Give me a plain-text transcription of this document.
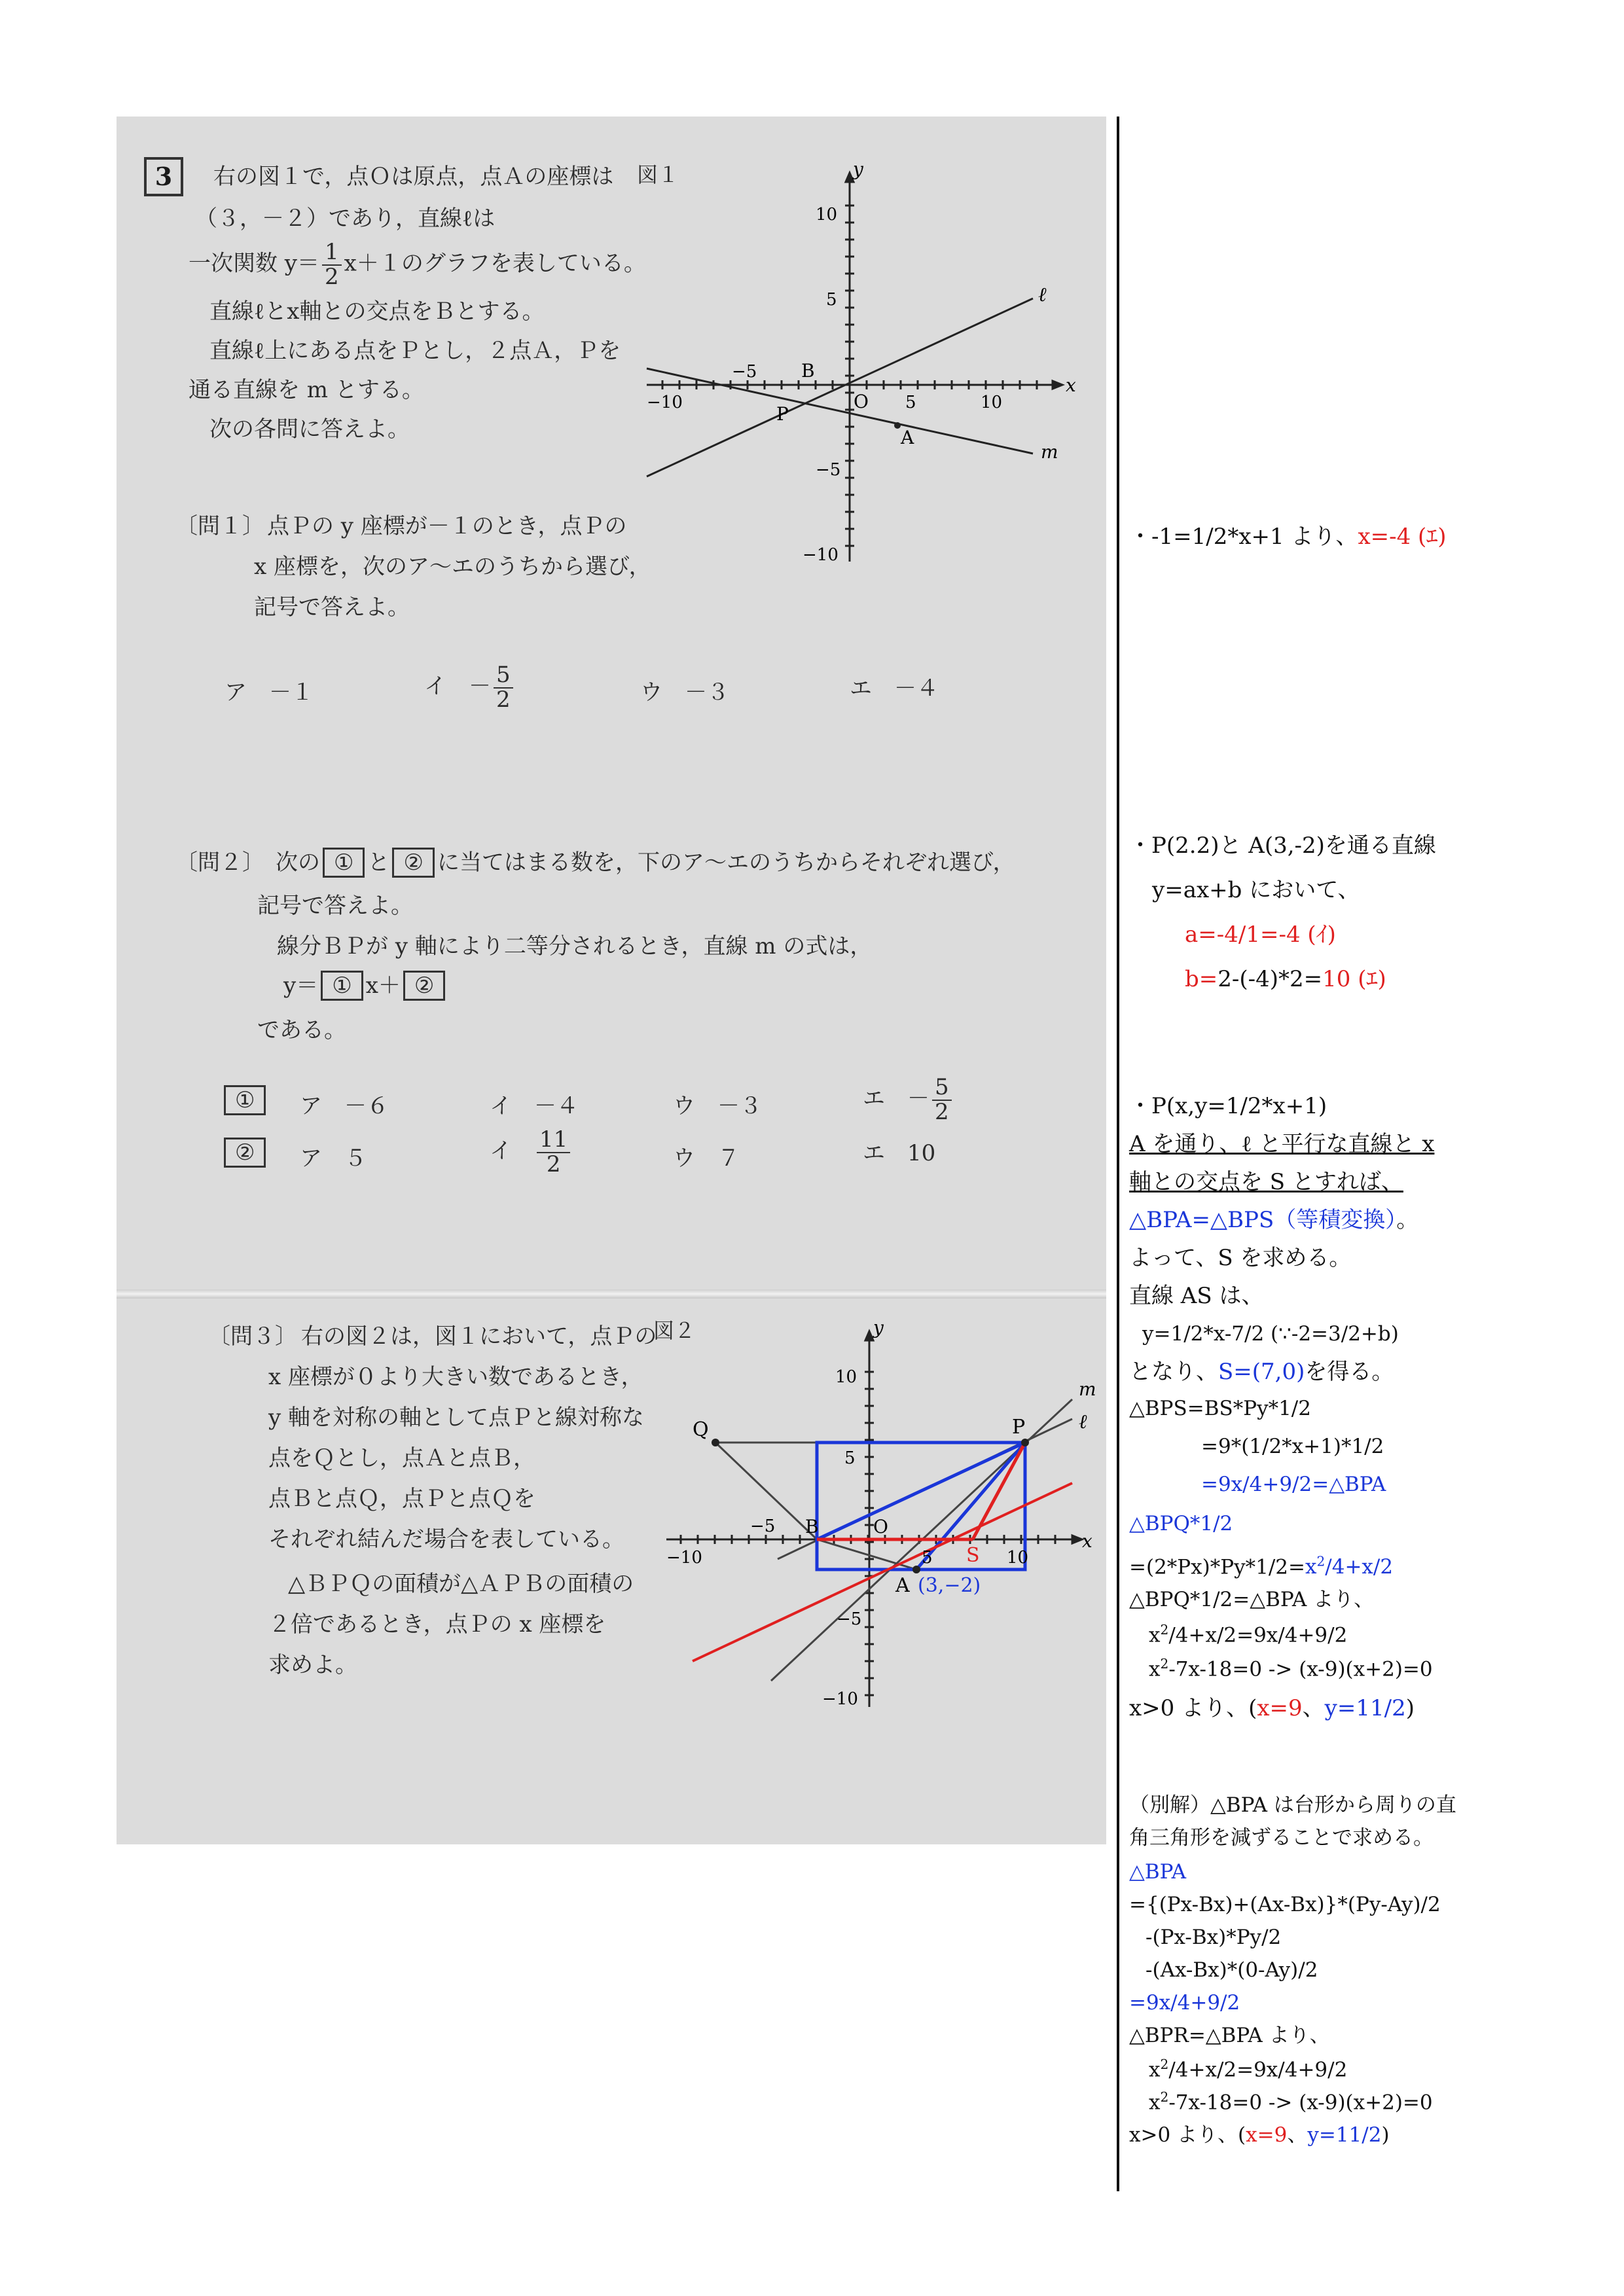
3	右の図１で，点Ｏは原点，点Ａの座標は
（３，－２）であり，直線ℓは
一次関数 $y= \frac{1}{2} x+1$のグラフを表している。
直線ℓとx軸との交点をＢとする。
直線ℓ上にある点をＰとし，２点Ａ，Ｐを
通る直線を m とする。
次の各問に答えよ。
図１	y
x
ℓ
m
O
A
B
P
−10
−5
5	10
10
5
−5
−10
〔問１〕 点Ｐの y 座標が－１のとき，点Ｐの
x 座標を，次のア～エのうちから選び，
記号で答えよ。
ア　－１	イ　－ $\frac{5}{2}$	ウ　－３	エ　－４
〔問２〕　 次の ① と ② に当てはまる数を，下のア～エのうちからそれぞれ選び，
記号で答えよ。
線分ＢＰが y 軸により二等分されるとき，直線 m の式は，
y＝ ① x＋ ②
である。
①	ア　－６	イ　－４	ウ　－３	エ　－ $\frac{5}{2}$
②	ア　５	イ　 $\frac{11}{2}$	ウ　７	エ　10
〔問３〕 右の図２は，図１において，点Ｐの
x 座標が０より大きい数であるとき，
y 軸を対称の軸として点Ｐと線対称な
点をＱとし，点Ａと点Ｂ，
点Ｂと点Ｑ，点Ｐと点Ｑを
それぞれ結んだ場合を表している。
△ＢＰＱの面積が△ＡＰＢの面積の
２倍であるとき，点Ｐの x 座標を
求めよ。
図２	y
x
m
ℓ
Q	P
B	O
A (3,−2)
S
−10
−5
5	10
10
5
−5
−10
・-1=1/2*x+1 より、x=-4 (ｴ)
・P(2.2)と A(3,-2)を通る直線
y=ax+b において、
a=-4/1=-4 (ｲ)
b=2-(-4)*2=10 (ｴ)
・P(x,y=1/2*x+1)
A を通り、ℓ と平行な直線と x
軸との交点を S とすれば、
△BPA=△BPS（等積変換）。
よって、S を求める。
直線 AS は、
y=1/2*x-7/2 (∵-2=3/2+b)
となり、S=(7,0)を得る。
△BPS=BS*Py*1/2
=9*(1/2*x+1)*1/2
=9x/4+9/2=△BPA
△BPQ*1/2
$=(2*Px)*Py*1/2=x^2/4+x/2$
△BPQ*1/2=△BPA より、
$x^2/4+x/2=9x/4+9/2$
$x^2-7x-18=0 -> (x-9)(x+2)=0$
x>0 より、(x=9、y=11/2)
（別解）△BPA は台形から周りの直
角三角形を減ずることで求める。
△BPA
={(Px-Bx)+(Ax-Bx)}*(Py-Ay)/2
-(Px-Bx)*Py/2
-(Ax-Bx)*(0-Ay)/2
=9x/4+9/2
△BPR=△BPA より、
$x^2/4+x/2=9x/4+9/2$
$x^2-7x-18=0 -> (x-9)(x+2)=0$
x>0 より、(x=9、y=11/2)
